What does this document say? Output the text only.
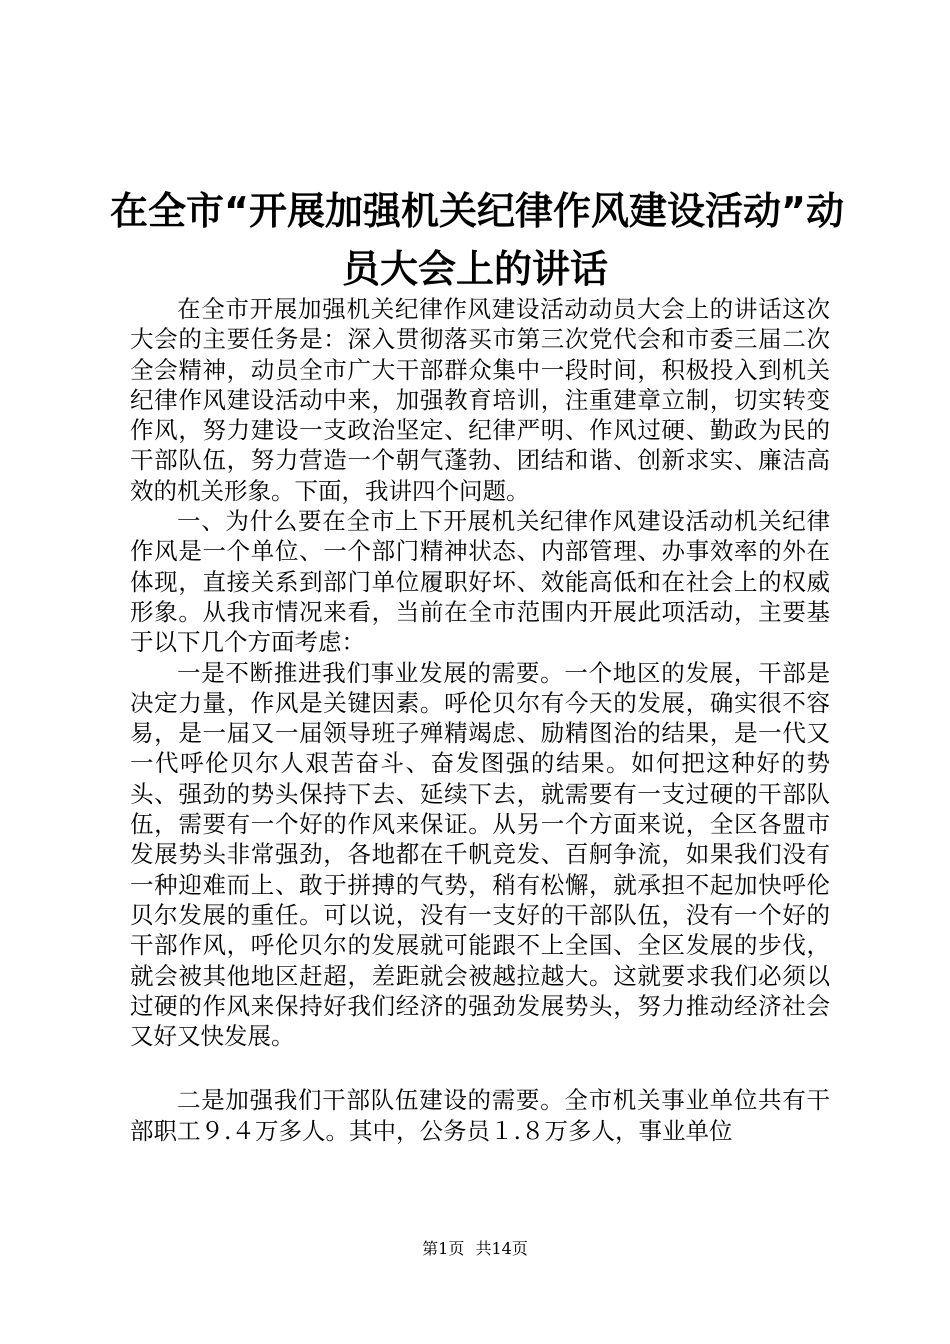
在全市“开展加强机关纪律作风建设活动”动
员大会上的讲话

在全市开展加强机关纪律作风建设活动动员大会上的讲话这次大会的主要任务是：深入贯彻落买市第三次党代会和市委三届二次全会精神，动员全市广大干部群众集中一段时间，积极投入到机关纪律作风建设活动中来，加强教育培训，注重建章立制，切实转变作风，努力建设一支政治坚定、纪律严明、作风过硬、勤政为民的干部队伍，努力营造一个朝气蓬勃、团结和谐、创新求实、廉洁高效的机关形象。下面，我讲四个问题。

一、为什么要在全市上下开展机关纪律作风建设活动机关纪律作风是一个单位、一个部门精神状态、内部管理、办事效率的外在体现，直接关系到部门单位履职好坏、效能高低和在社会上的权威形象。从我市情况来看，当前在全市范围内开展此项活动，主要基于以下几个方面考虑：

一是不断推进我们事业发展的需要。一个地区的发展，干部是决定力量，作风是关键因素。呼伦贝尔有今天的发展，确实很不容易，是一届又一届领导班子殚精竭虑、励精图治的结果，是一代又一代呼伦贝尔人艰苦奋斗、奋发图强的结果。如何把这种好的势头、强劲的势头保持下去、延续下去，就需要有一支过硬的干部队伍，需要有一个好的作风来保证。从另一个方面来说，全区各盟市发展势头非常强劲，各地都在千帆竞发、百舸争流，如果我们没有一种迎难而上、敢于拼搏的气势，稍有松懈，就承担不起加快呼伦贝尔发展的重任。可以说，没有一支好的干部队伍，没有一个好的干部作风，呼伦贝尔的发展就可能跟不上全国、全区发展的步伐，就会被其他地区赶超，差距就会被越拉越大。这就要求我们必须以过硬的作风来保持好我们经济的强劲发展势头，努力推动经济社会又好又快发展。

二是加强我们干部队伍建设的需要。全市机关事业单位共有干部职工９.４万多人。其中，公务员１.８万多人，事业单位

第1页 共14页
